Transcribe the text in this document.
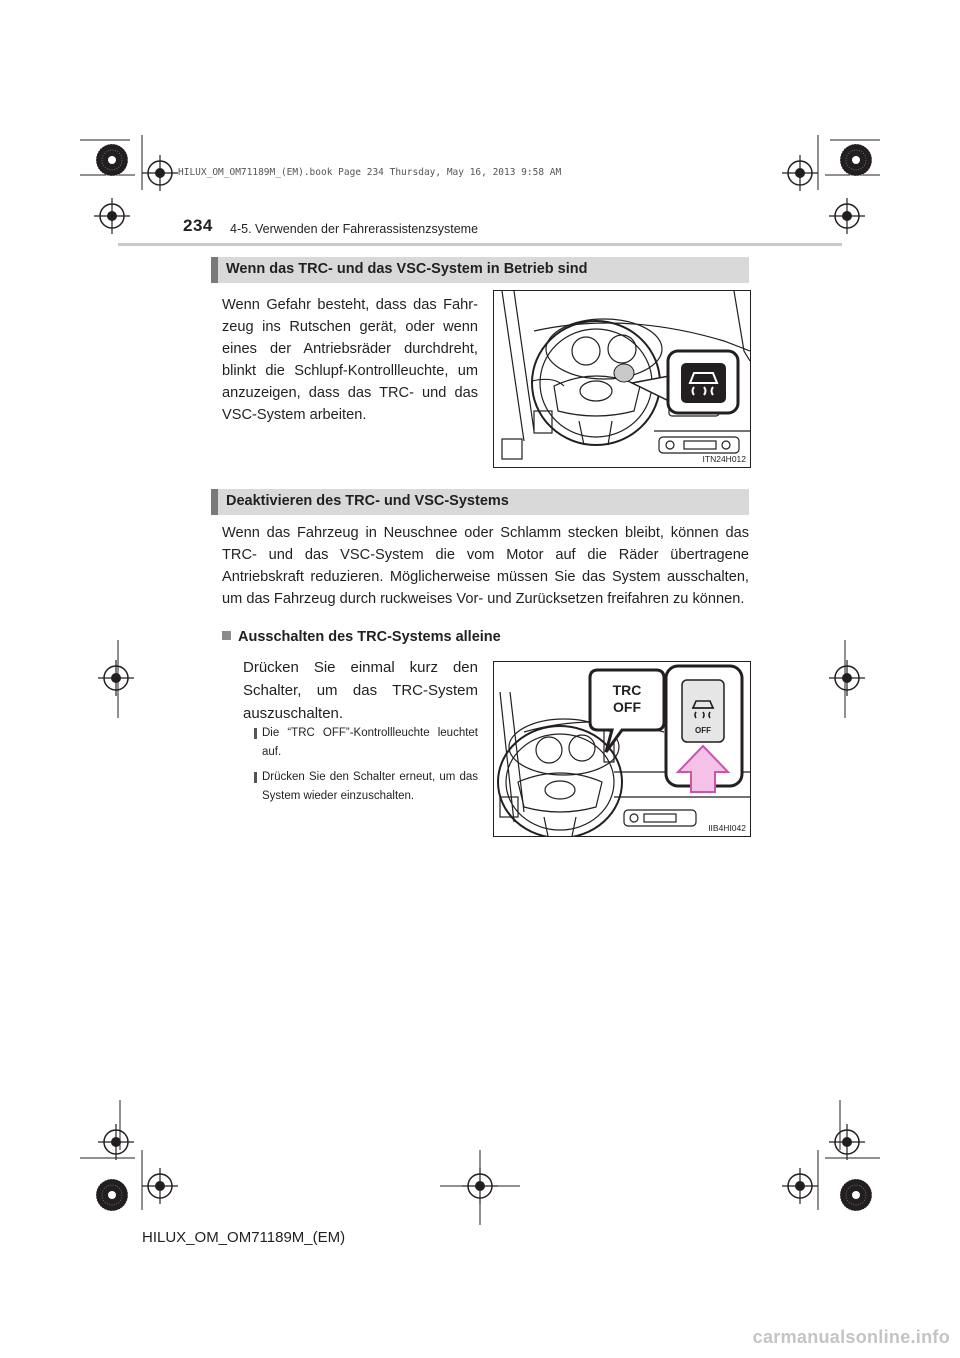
HILUX_OM_OM71189M_(EM).book Page 234 Thursday, May 16, 2013 9:58 AM
234 4-5. Verwenden der Fahrerassistenzsysteme
Wenn das TRC- und das VSC-System in Betrieb sind
Wenn Gefahr besteht, dass das Fahrzeug ins Rutschen gerät, oder wenn eines der Antriebsräder durchdreht, blinkt die Schlupf-Kontrollleuchte, um anzuzeigen, dass das TRC- und das VSC-System arbeiten.
ITN24H012
Deaktivieren des TRC- und VSC-Systems
Wenn das Fahrzeug in Neuschnee oder Schlamm stecken bleibt, können das TRC- und das VSC-System die vom Motor auf die Räder übertragene Antriebskraft reduzieren. Möglicherweise müssen Sie das System ausschalten, um das Fahrzeug durch ruckweises Vor- und Zurücksetzen freifahren zu können.
Ausschalten des TRC-Systems alleine
Drücken Sie einmal kurz den Schalter, um das TRC-System auszuschalten.
Die “TRC OFF”-Kontrollleuchte leuchtet auf.
Drücken Sie den Schalter erneut, um das System wieder einzuschalten.
TRC
OFF
OFF
IIB4HI042
HILUX_OM_OM71189M_(EM)
carmanualsonline.info
